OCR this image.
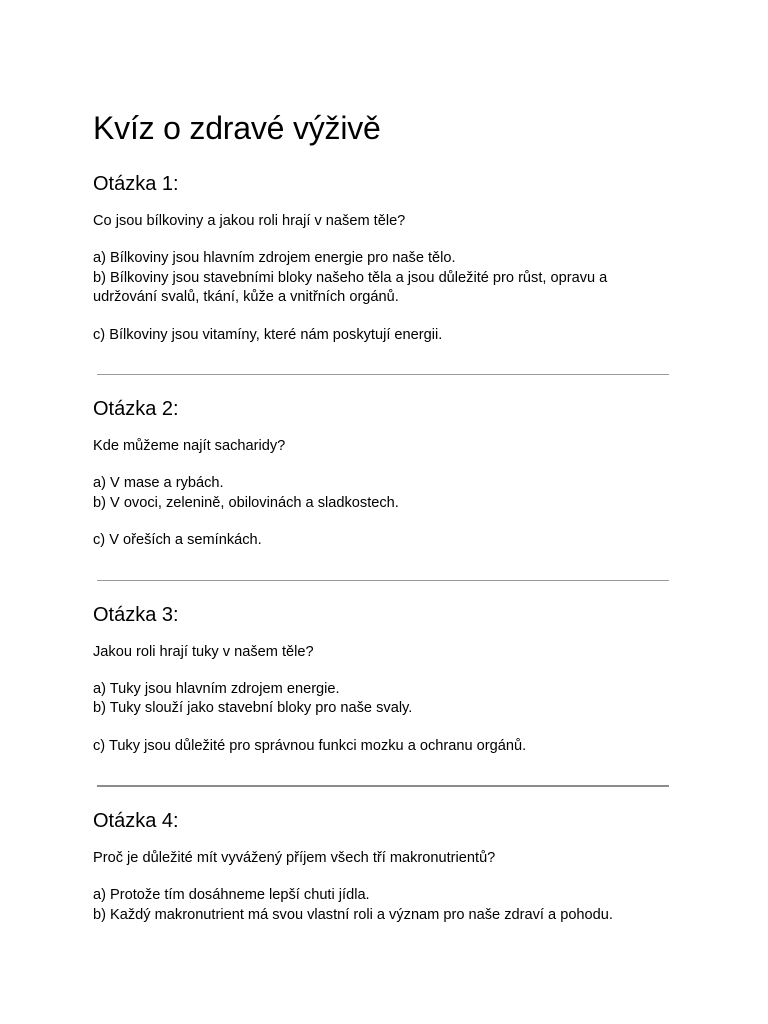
Kvíz o zdravé výživě
Otázka 1:

Co jsou bílkoviny a jakou roli hrají v našem těle?

a) Bílkoviny jsou hlavním zdrojem energie pro naše tělo.

b) Bílkoviny jsou stavebními bloky našeho těla a jsou důležité pro růst, opravu a udržování svalů, tkání, kůže a vnitřních orgánů.

c) Bílkoviny jsou vitamíny, které nám poskytují energii.

Otázka 2:

Kde můžeme najít sacharidy?

a) V mase a rybách.

b) V ovoci, zelenině, obilovinách a sladkostech.

c) V ořeších a semínkách.

Otázka 3:

Jakou roli hrají tuky v našem těle?

a) Tuky jsou hlavním zdrojem energie.

b) Tuky slouží jako stavební bloky pro naše svaly.

c) Tuky jsou důležité pro správnou funkci mozku a ochranu orgánů.

Otázka 4:

Proč je důležité mít vyvážený příjem všech tří makronutrientů?

a) Protože tím dosáhneme lepší chuti jídla.

b) Každý makronutrient má svou vlastní roli a význam pro naše zdraví a pohodu.
